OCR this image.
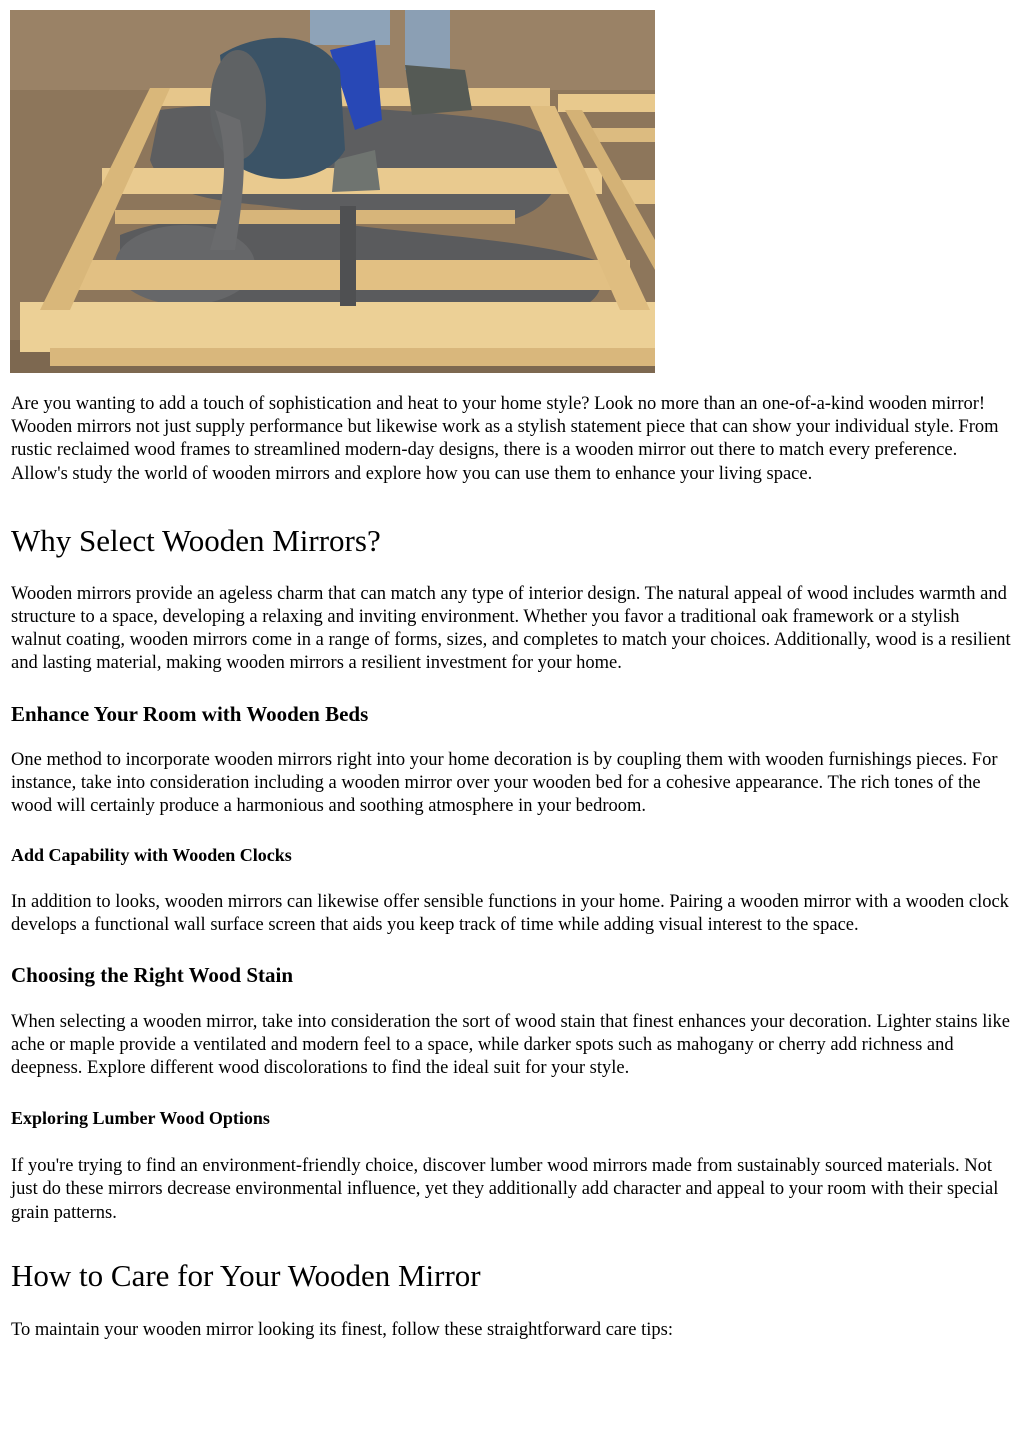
Are you wanting to add a touch of sophistication and heat to your home style? Look no more than an one-of-a-kind wooden mirror! Wooden mirrors not just supply performance but likewise work as a stylish statement piece that can show your individual style. From rustic reclaimed wood frames to streamlined modern-day designs, there is a wooden mirror out there to match every preference. Allow's study the world of wooden mirrors and explore how you can use them to enhance your living space.

Why Select Wooden Mirrors?

Wooden mirrors provide an ageless charm that can match any type of interior design. The natural appeal of wood includes warmth and structure to a space, developing a relaxing and inviting environment. Whether you favor a traditional oak framework or a stylish walnut coating, wooden mirrors come in a range of forms, sizes, and completes to match your choices. Additionally, wood is a resilient and lasting material, making wooden mirrors a resilient investment for your home.

Enhance Your Room with Wooden Beds

One method to incorporate wooden mirrors right into your home decoration is by coupling them with wooden furnishings pieces. For instance, take into consideration including a wooden mirror over your wooden bed for a cohesive appearance. The rich tones of the wood will certainly produce a harmonious and soothing atmosphere in your bedroom.

Add Capability with Wooden Clocks

In addition to looks, wooden mirrors can likewise offer sensible functions in your home. Pairing a wooden mirror with a wooden clock develops a functional wall surface screen that aids you keep track of time while adding visual interest to the space.

Choosing the Right Wood Stain

When selecting a wooden mirror, take into consideration the sort of wood stain that finest enhances your decoration. Lighter stains like ache or maple provide a ventilated and modern feel to a space, while darker spots such as mahogany or cherry add richness and deepness. Explore different wood discolorations to find the ideal suit for your style.

Exploring Lumber Wood Options

If you're trying to find an environment-friendly choice, discover lumber wood mirrors made from sustainably sourced materials. Not just do these mirrors decrease environmental influence, yet they additionally add character and appeal to your room with their special grain patterns.

How to Care for Your Wooden Mirror

To maintain your wooden mirror looking its finest, follow these straightforward care tips:
